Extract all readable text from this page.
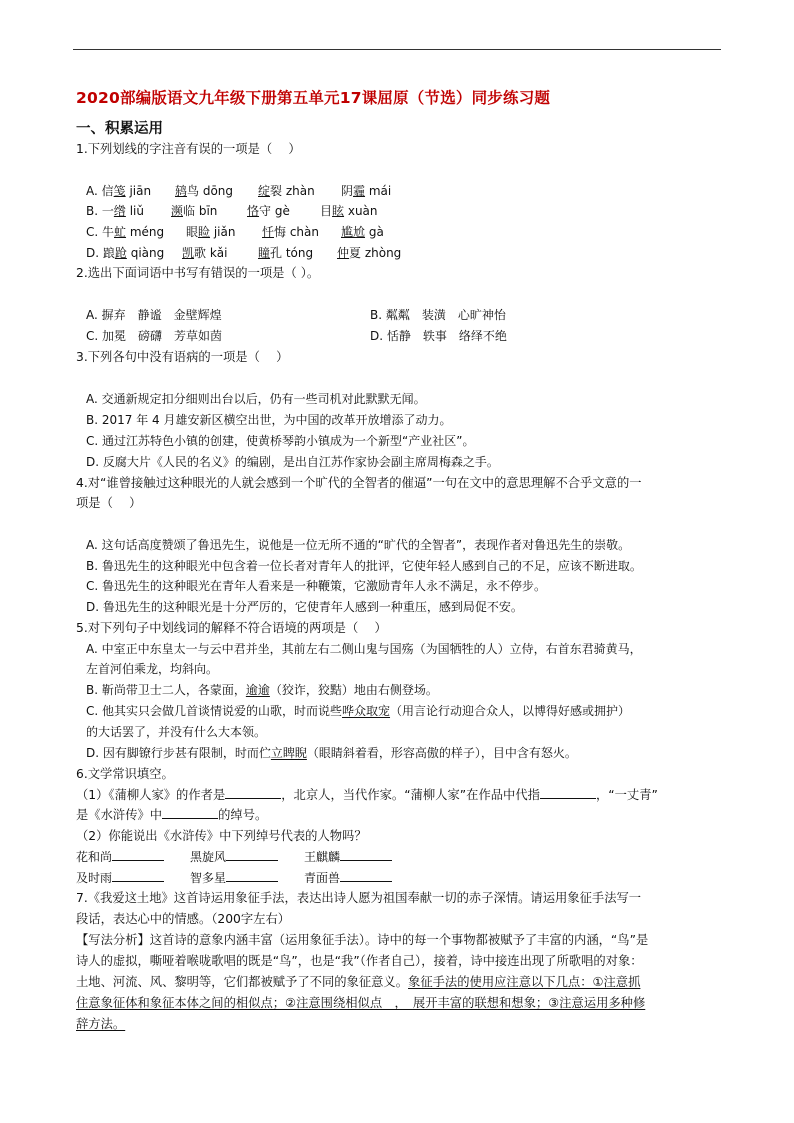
2020部编版语文九年级下册第五单元17课屈原（节选）同步练习题
一、积累运用
1.下列划线的字注音有误的一项是（　 ）
A. 信笺 jiān 鸫鸟 dōng 绽裂 zhàn 阴霾 mái
B. 一绺 liǔ 濒临 bīn 恪守 gè	目眩 xuàn
C. 牛虻 méng 眼睑 jiǎn 忏悔 chàn 尴尬 gà
D. 踉跄 qiàng 凯歌 kǎi	瞳孔 tóng 仲夏 zhòng
2.选出下面词语中书写有错误的一项是（ ）。
A. 摒弃　静谧　金壁辉煌	B. 粼粼　装潢　心旷神怡
C. 加冕　磅礴　芳草如茵	D. 恬静　轶事　络绎不绝
3.下列各句中没有语病的一项是（　 ）
A. 交通新规定扣分细则出台以后，仍有一些司机对此默默无闻。
B. 2017 年 4 月雄安新区横空出世，为中国的改革开放增添了动力。
C. 通过江苏特色小镇的创建，使黄桥琴韵小镇成为一个新型“产业社区”。
D. 反腐大片《人民的名义》的编剧，是出自江苏作家协会副主席周梅森之手。
4.对“谁曾接触过这种眼光的人就会感到一个旷代的全智者的催逼”一句在文中的意思理解不合乎文意的一
项是（　 ）
A. 这句话高度赞颂了鲁迅先生，说他是一位无所不通的“旷代的全智者”，表现作者对鲁迅先生的崇敬。
B. 鲁迅先生的这种眼光中包含着一位长者对青年人的批评，它使年轻人感到自己的不足，应该不断进取。
C. 鲁迅先生的这种眼光在青年人看来是一种鞭策，它激励青年人永不满足，永不停步。
D. 鲁迅先生的这种眼光是十分严厉的，它使青年人感到一种重压，感到局促不安。
5.对下列句子中划线词的解释不符合语境的两项是（　 ）
A. 中室正中东皇太一与云中君并坐，其前左右二侧山鬼与国殇（为国牺牲的人）立侍，右首东君骑黄马，
左首河伯乘龙，均斜向。
B. 靳尚带卫士二人，各蒙面，逾逾（狡诈，狡黠）地由右侧登场。
C. 他其实只会做几首谈情说爱的山歌，时而说些哗众取宠（用言论行动迎合众人，以博得好感或拥护）
的大话罢了，并没有什么大本领。
D. 因有脚镣行步甚有限制，时而伫立睥睨（眼睛斜着看，形容高傲的样子），目中含有怒火。
6.文学常识填空。
（1）《蒲柳人家》的作者是	，北京人，当代作家。“蒲柳人家”在作品中代指	，“一丈青”
是《水浒传》中	的绰号。
（2）你能说出《水浒传》中下列绰号代表的人物吗？
花和尚	黑旋风	王麒麟
及时雨	智多星	青面兽
7.《我爱这土地》这首诗运用象征手法，表达出诗人愿为祖国奉献一切的赤子深情。请运用象征手法写一
段话，表达心中的情感。（200字左右）
【写法分析】这首诗的意象内涵丰富（运用象征手法）。诗中的每一个事物都被赋予了丰富的内涵，“鸟”是
诗人的虚拟，嘶哑着喉咙歌唱的既是“鸟”，也是“我”（作者自己），接着，诗中接连出现了所歌唱的对象：
土地、河流、风、黎明等，它们都被赋予了不同的象征意义。象征手法的使用应注意以下几点：①注意抓
住意象征体和象征本体之间的相似点；②注意围绕相似点　，　展开丰富的联想和想象；③注意运用多种修
辞方法。
